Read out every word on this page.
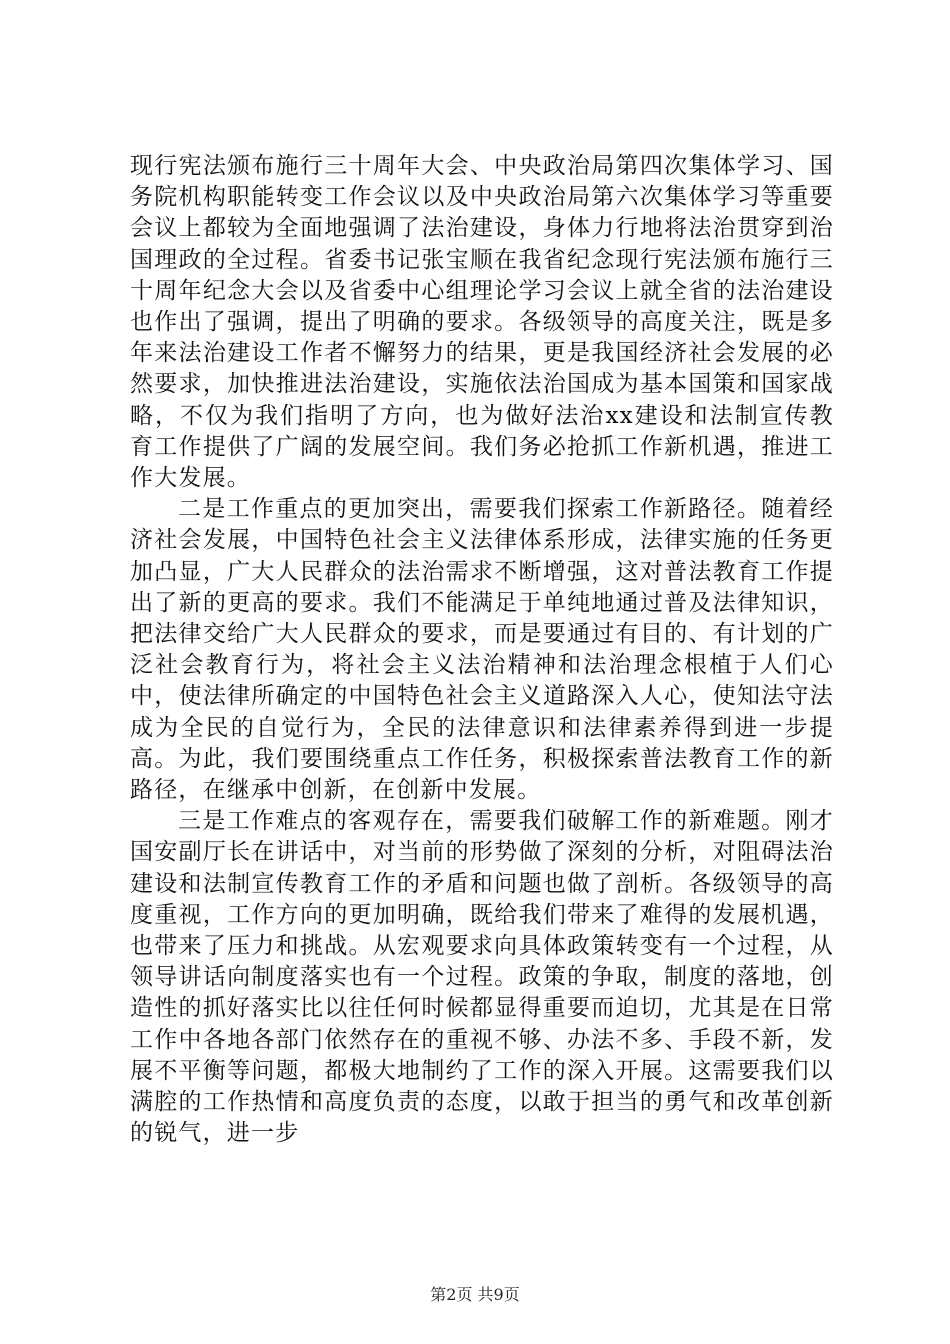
现行宪法颁布施行三十周年大会、中央政治局第四次集体学习、国务院机构职能转变工作会议以及中央政治局第六次集体学习等重要会议上都较为全面地强调了法治建设，身体力行地将法治贯穿到治国理政的全过程。省委书记张宝顺在我省纪念现行宪法颁布施行三十周年纪念大会以及省委中心组理论学习会议上就全省的法治建设也作出了强调，提出了明确的要求。各级领导的高度关注，既是多年来法治建设工作者不懈努力的结果，更是我国经济社会发展的必然要求，加快推进法治建设，实施依法治国成为基本国策和国家战略，不仅为我们指明了方向，也为做好法治xx建设和法制宣传教育工作提供了广阔的发展空间。我们务必抢抓工作新机遇，推进工作大发展。

二是工作重点的更加突出，需要我们探索工作新路径。随着经济社会发展，中国特色社会主义法律体系形成，法律实施的任务更加凸显，广大人民群众的法治需求不断增强，这对普法教育工作提出了新的更高的要求。我们不能满足于单纯地通过普及法律知识，把法律交给广大人民群众的要求，而是要通过有目的、有计划的广泛社会教育行为，将社会主义法治精神和法治理念根植于人们心中，使法律所确定的中国特色社会主义道路深入人心，使知法守法成为全民的自觉行为，全民的法律意识和法律素养得到进一步提高。为此，我们要围绕重点工作任务，积极探索普法教育工作的新路径，在继承中创新，在创新中发展。

三是工作难点的客观存在，需要我们破解工作的新难题。刚才国安副厅长在讲话中，对当前的形势做了深刻的分析，对阻碍法治建设和法制宣传教育工作的矛盾和问题也做了剖析。各级领导的高度重视，工作方向的更加明确，既给我们带来了难得的发展机遇，也带来了压力和挑战。从宏观要求向具体政策转变有一个过程，从领导讲话向制度落实也有一个过程。政策的争取，制度的落地，创造性的抓好落实比以往任何时候都显得重要而迫切，尤其是在日常工作中各地各部门依然存在的重视不够、办法不多、手段不新，发展不平衡等问题，都极大地制约了工作的深入开展。这需要我们以满腔的工作热情和高度负责的态度，以敢于担当的勇气和改革创新的锐气，进一步

第2页 共9页
